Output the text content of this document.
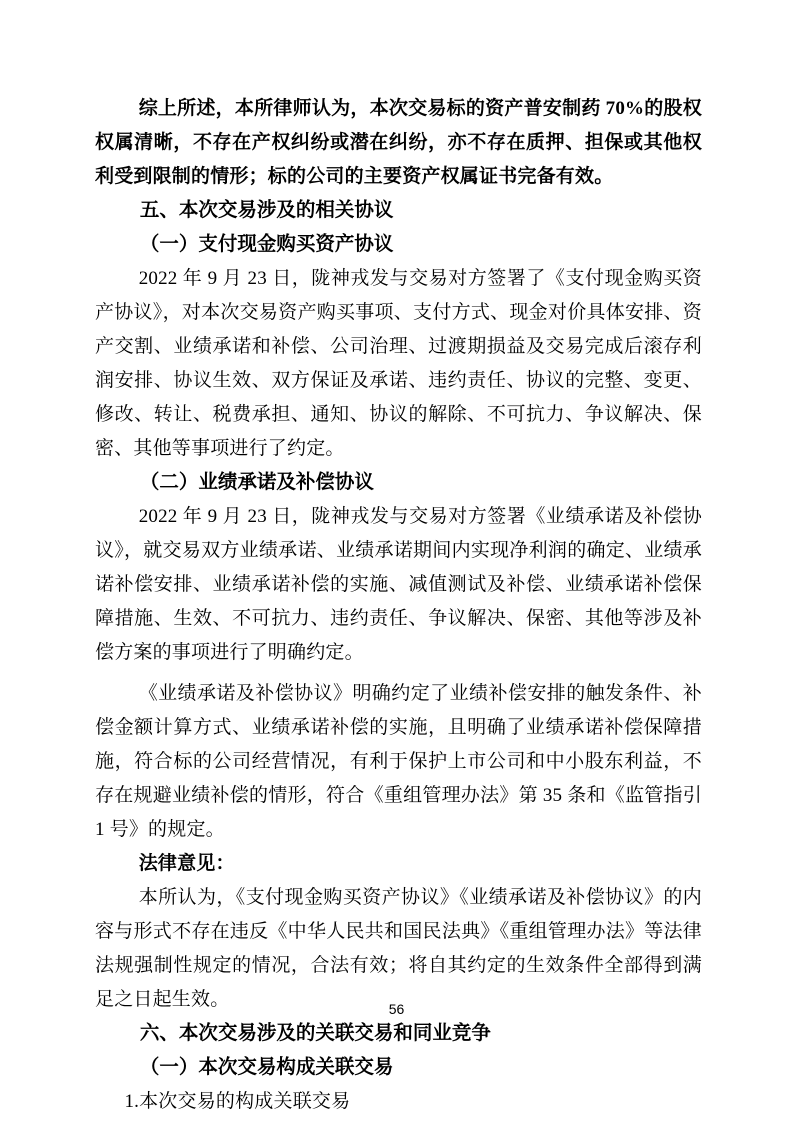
综上所述，本所律师认为，本次交易标的资产普安制药 70%的股权权属清晰，不存在产权纠纷或潜在纠纷，亦不存在质押、担保或其他权利受到限制的情形；标的公司的主要资产权属证书完备有效。

五、本次交易涉及的相关协议
（一）支付现金购买资产协议

2022 年 9 月 23 日，陇神戎发与交易对方签署了《支付现金购买资产协议》，对本次交易资产购买事项、支付方式、现金对价具体安排、资产交割、业绩承诺和补偿、公司治理、过渡期损益及交易完成后滚存利润安排、协议生效、双方保证及承诺、违约责任、协议的完整、变更、修改、转让、税费承担、通知、协议的解除、不可抗力、争议解决、保密、其他等事项进行了约定。

（二）业绩承诺及补偿协议

2022 年 9 月 23 日，陇神戎发与交易对方签署《业绩承诺及补偿协议》，就交易双方业绩承诺、业绩承诺期间内实现净利润的确定、业绩承诺补偿安排、业绩承诺补偿的实施、减值测试及补偿、业绩承诺补偿保障措施、生效、不可抗力、违约责任、争议解决、保密、其他等涉及补偿方案的事项进行了明确约定。

《业绩承诺及补偿协议》明确约定了业绩补偿安排的触发条件、补偿金额计算方式、业绩承诺补偿的实施，且明确了业绩承诺补偿保障措施，符合标的公司经营情况，有利于保护上市公司和中小股东利益，不存在规避业绩补偿的情形，符合《重组管理办法》第 35 条和《监管指引 1 号》的规定。

法律意见：

本所认为，《支付现金购买资产协议》《业绩承诺及补偿协议》的内容与形式不存在违反《中华人民共和国民法典》《重组管理办法》等法律法规强制性规定的情况，合法有效；将自其约定的生效条件全部得到满足之日起生效。

六、本次交易涉及的关联交易和同业竞争
（一）本次交易构成关联交易

1.本次交易的构成关联交易

56
